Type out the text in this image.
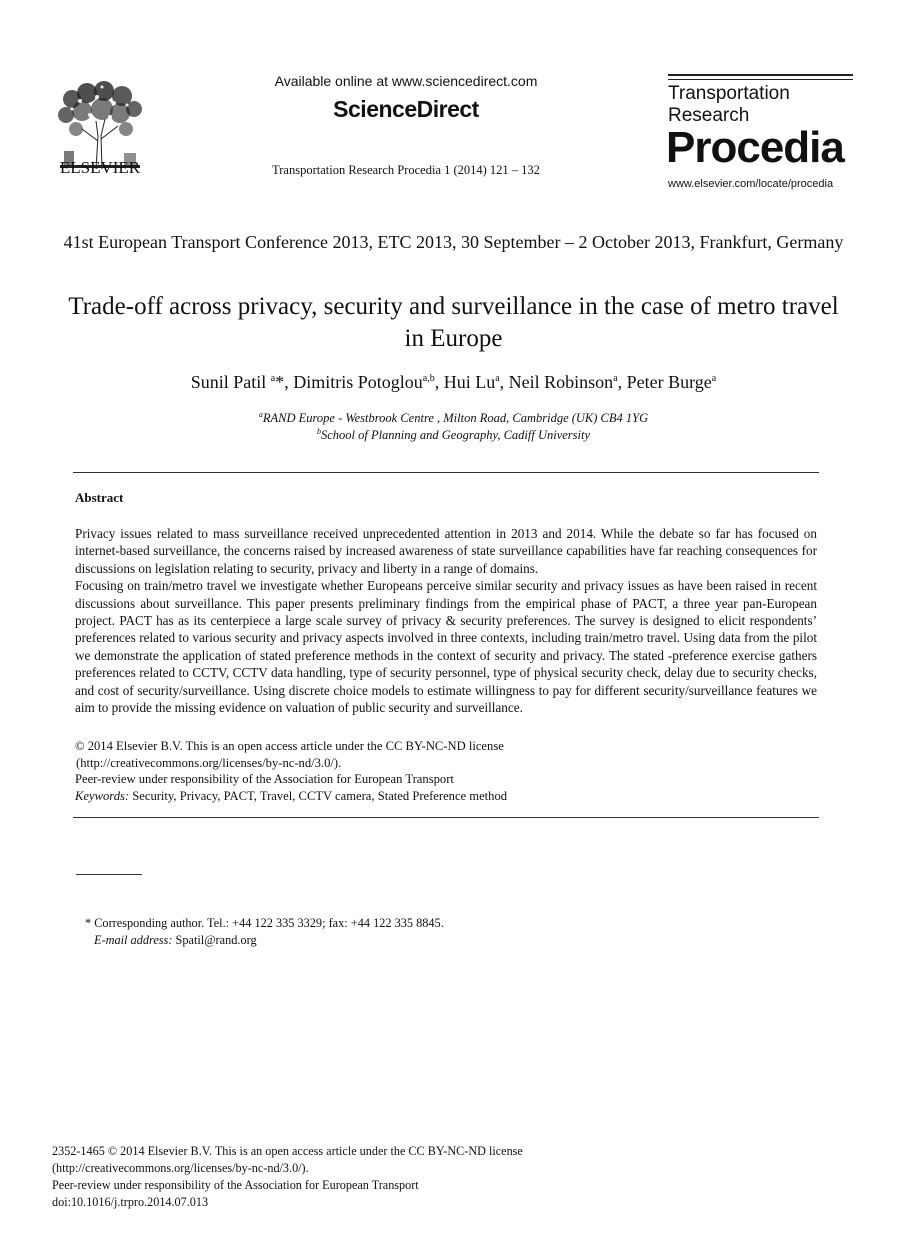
ELSEVIER
Available online at www.sciencedirect.com
ScienceDirect
Transportation Research Procedia 1 (2014) 121 – 132
Transportation
Research
Procedia
www.elsevier.com/locate/procedia
41st European Transport Conference 2013, ETC 2013, 30 September – 2 October 2013, Frankfurt, Germany
Trade-off across privacy, security and surveillance in the case of metro travel in Europe
Sunil Patil $^a$*, Dimitris Potoglou$^{a,b}$, Hui Lu$^a$, Neil Robinson$^a$, Peter Burge$^a$
$^a$RAND Europe - Westbrook Centre , Milton Road, Cambridge (UK) CB4 1YG
$^b$School of Planning and Geography, Cadiff University
Abstract

Privacy issues related to mass surveillance received unprecedented attention in 2013 and 2014. While the debate so far has focused on internet-based surveillance, the concerns raised by increased awareness of state surveillance capabilities have far reaching consequences for discussions on legislation relating to security, privacy and liberty in a range of domains.

Focusing on train/metro travel we investigate whether Europeans perceive similar security and privacy issues as have been raised in recent discussions about surveillance. This paper presents preliminary findings from the empirical phase of PACT, a three year pan-European project. PACT has as its centerpiece a large scale survey of privacy & security preferences. The survey is designed to elicit respondents’ preferences related to various security and privacy aspects involved in three contexts, including train/metro travel. Using data from the pilot we demonstrate the application of stated preference methods in the context of security and privacy. The stated -preference exercise gathers preferences related to CCTV, CCTV data handling, type of security personnel, type of physical security check, delay due to security checks, and cost of security/surveillance. Using discrete choice models to estimate willingness to pay for different security/surveillance features we aim to provide the missing evidence on valuation of public security and surveillance.

© 2014 Elsevier B.V. This is an open access article under the CC BY-NC-ND license
(http://creativecommons.org/licenses/by-nc-nd/3.0/).
Peer-review under responsibility of the Association for European Transport
Keywords: Security, Privacy, PACT, Travel, CCTV camera, Stated Preference method
* Corresponding author. Tel.: +44 122 335 3329; fax: +44 122 335 8845.
E-mail address: Spatil@rand.org
2352-1465 © 2014 Elsevier B.V. This is an open access article under the CC BY-NC-ND license
(http://creativecommons.org/licenses/by-nc-nd/3.0/).
Peer-review under responsibility of the Association for European Transport
doi:10.1016/j.trpro.2014.07.013
